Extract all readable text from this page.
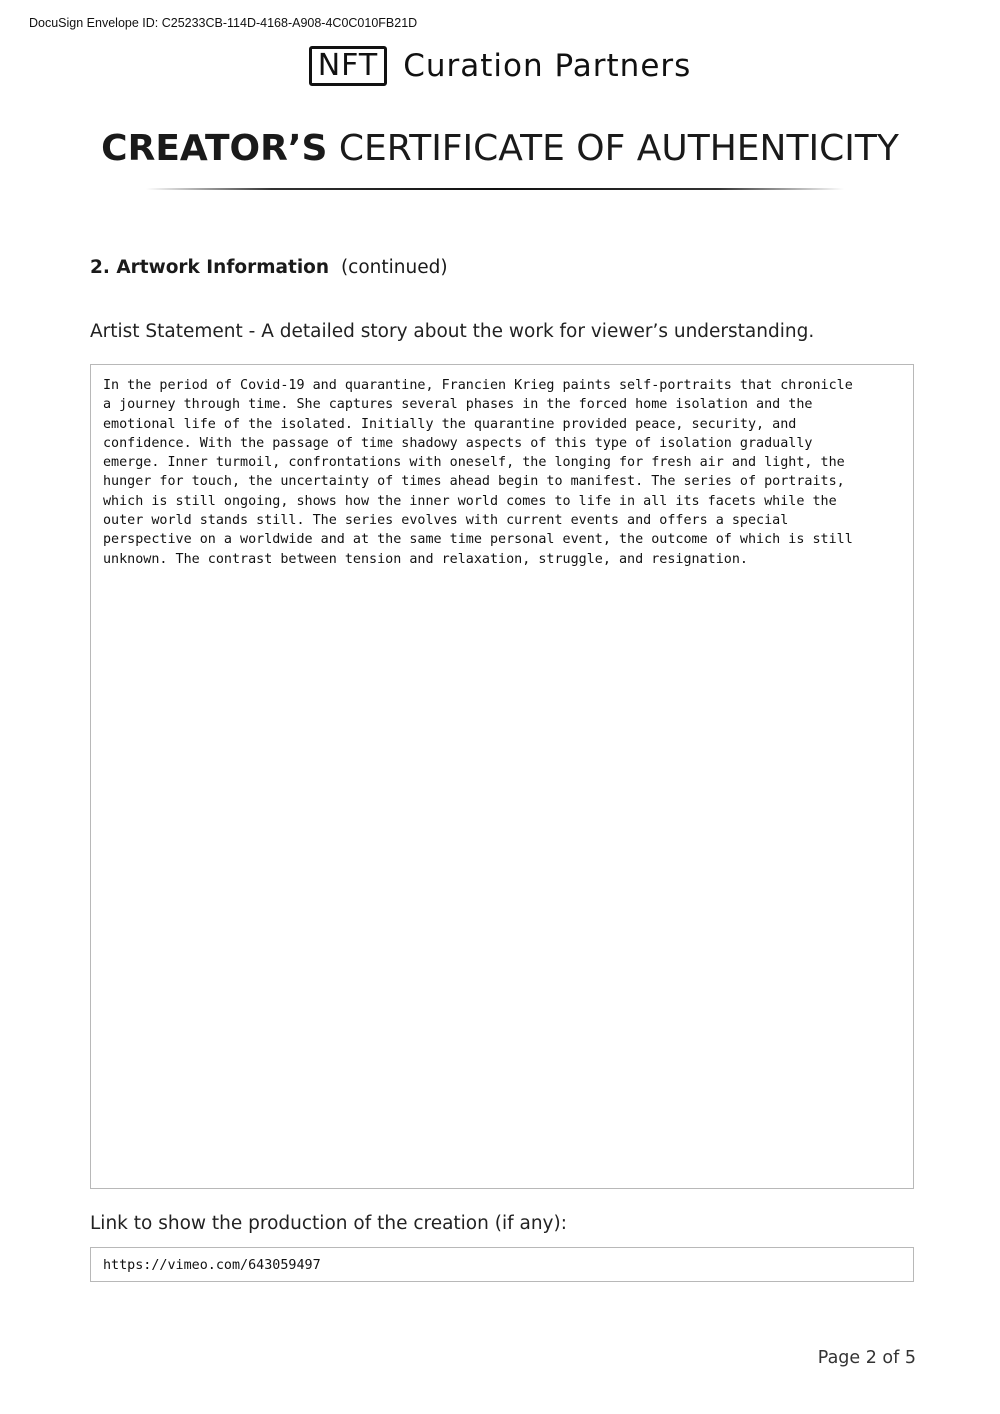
DocuSign Envelope ID: C25233CB-114D-4168-A908-4C0C010FB21D
NFT Curation Partners
CREATOR’S CERTIFICATE OF AUTHENTICITY
2. Artwork Information (continued)
Artist Statement - A detailed story about the work for viewer’s understanding.

In the period of Covid-19 and quarantine, Francien Krieg paints self-portraits that chronicle
a journey through time. She captures several phases in the forced home isolation and the
emotional life of the isolated. Initially the quarantine provided peace, security, and
confidence. With the passage of time shadowy aspects of this type of isolation gradually
emerge. Inner turmoil, confrontations with oneself, the longing for fresh air and light, the
hunger for touch, the uncertainty of times ahead begin to manifest. The series of portraits,
which is still ongoing, shows how the inner world comes to life in all its facets while the
outer world stands still. The series evolves with current events and offers a special
perspective on a worldwide and at the same time personal event, the outcome of which is still
unknown. The contrast between tension and relaxation, struggle, and resignation.

Link to show the production of the creation (if any):

https://vimeo.com/643059497

Page 2 of 5
